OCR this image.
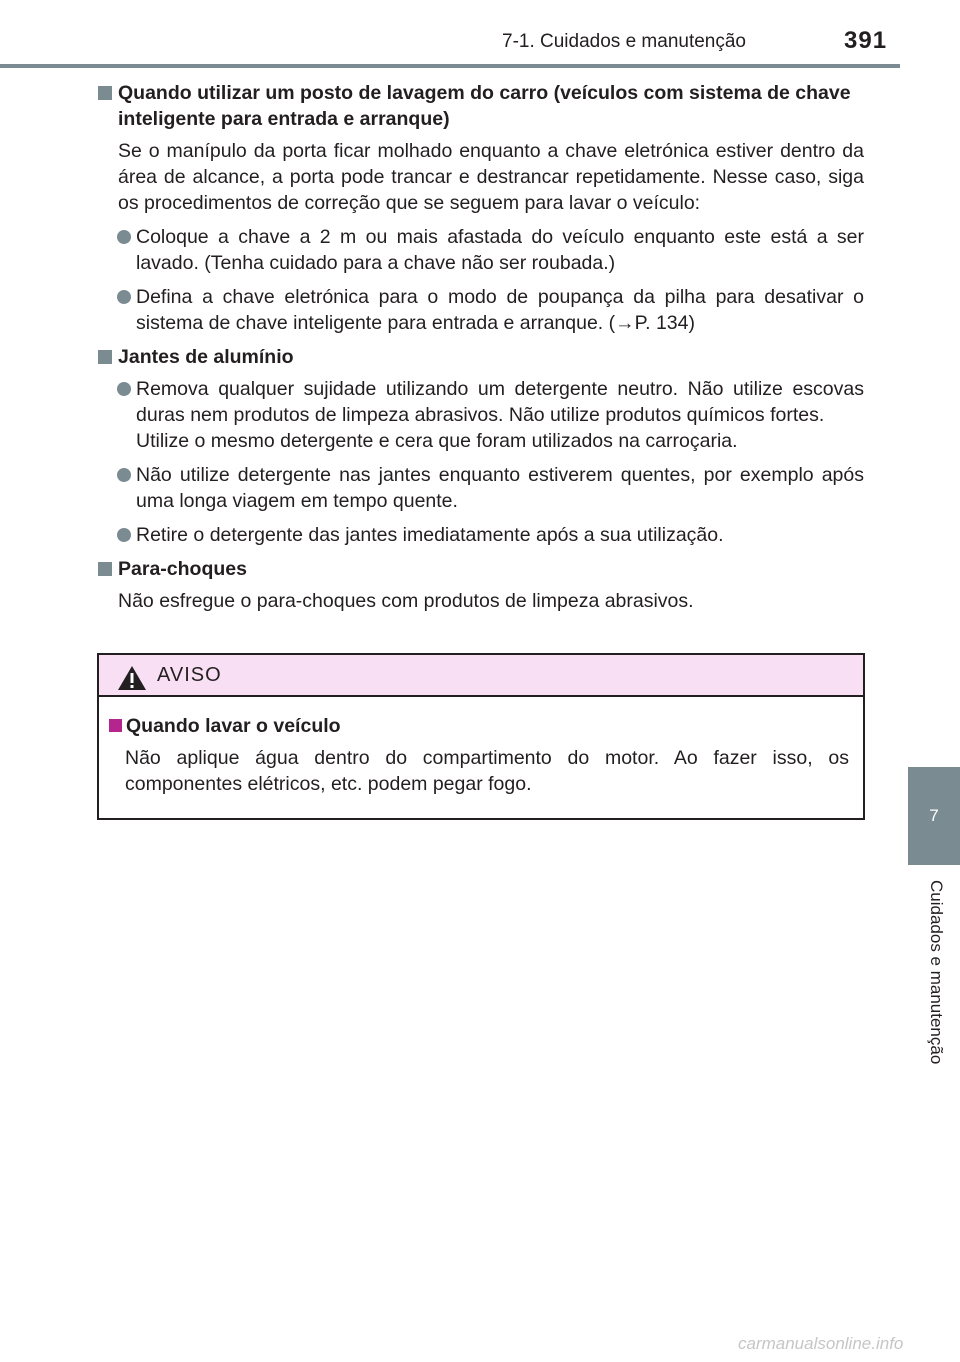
7-1. Cuidados e manutenção	391
7
Cuidados e manutenção
Quando utilizar um posto de lavagem do carro (veículos com sistema de chave inteligente para entrada e arranque)
Se o manípulo da porta ficar molhado enquanto a chave eletrónica estiver dentro da área de alcance, a porta pode trancar e destrancar repetidamente. Nesse caso, siga os procedimentos de correção que se seguem para lavar o veículo:
Coloque a chave a 2 m ou mais afastada do veículo enquanto este está a ser lavado. (Tenha cuidado para a chave não ser roubada.)
Defina a chave eletrónica para o modo de poupança da pilha para desativar o sistema de chave inteligente para entrada e arranque. (→P. 134)
Jantes de alumínio
Remova qualquer sujidade utilizando um detergente neutro. Não utilize escovas duras nem produtos de limpeza abrasivos. Não utilize produtos químicos fortes.
Utilize o mesmo detergente e cera que foram utilizados na carroçaria.
Não utilize detergente nas jantes enquanto estiverem quentes, por exemplo após uma longa viagem em tempo quente.
Retire o detergente das jantes imediatamente após a sua utilização.
Para-choques
Não esfregue o para-choques com produtos de limpeza abrasivos.
AVISO
Quando lavar o veículo
Não aplique água dentro do compartimento do motor. Ao fazer isso, os componentes elétricos, etc. podem pegar fogo.
carmanualsonline.info
